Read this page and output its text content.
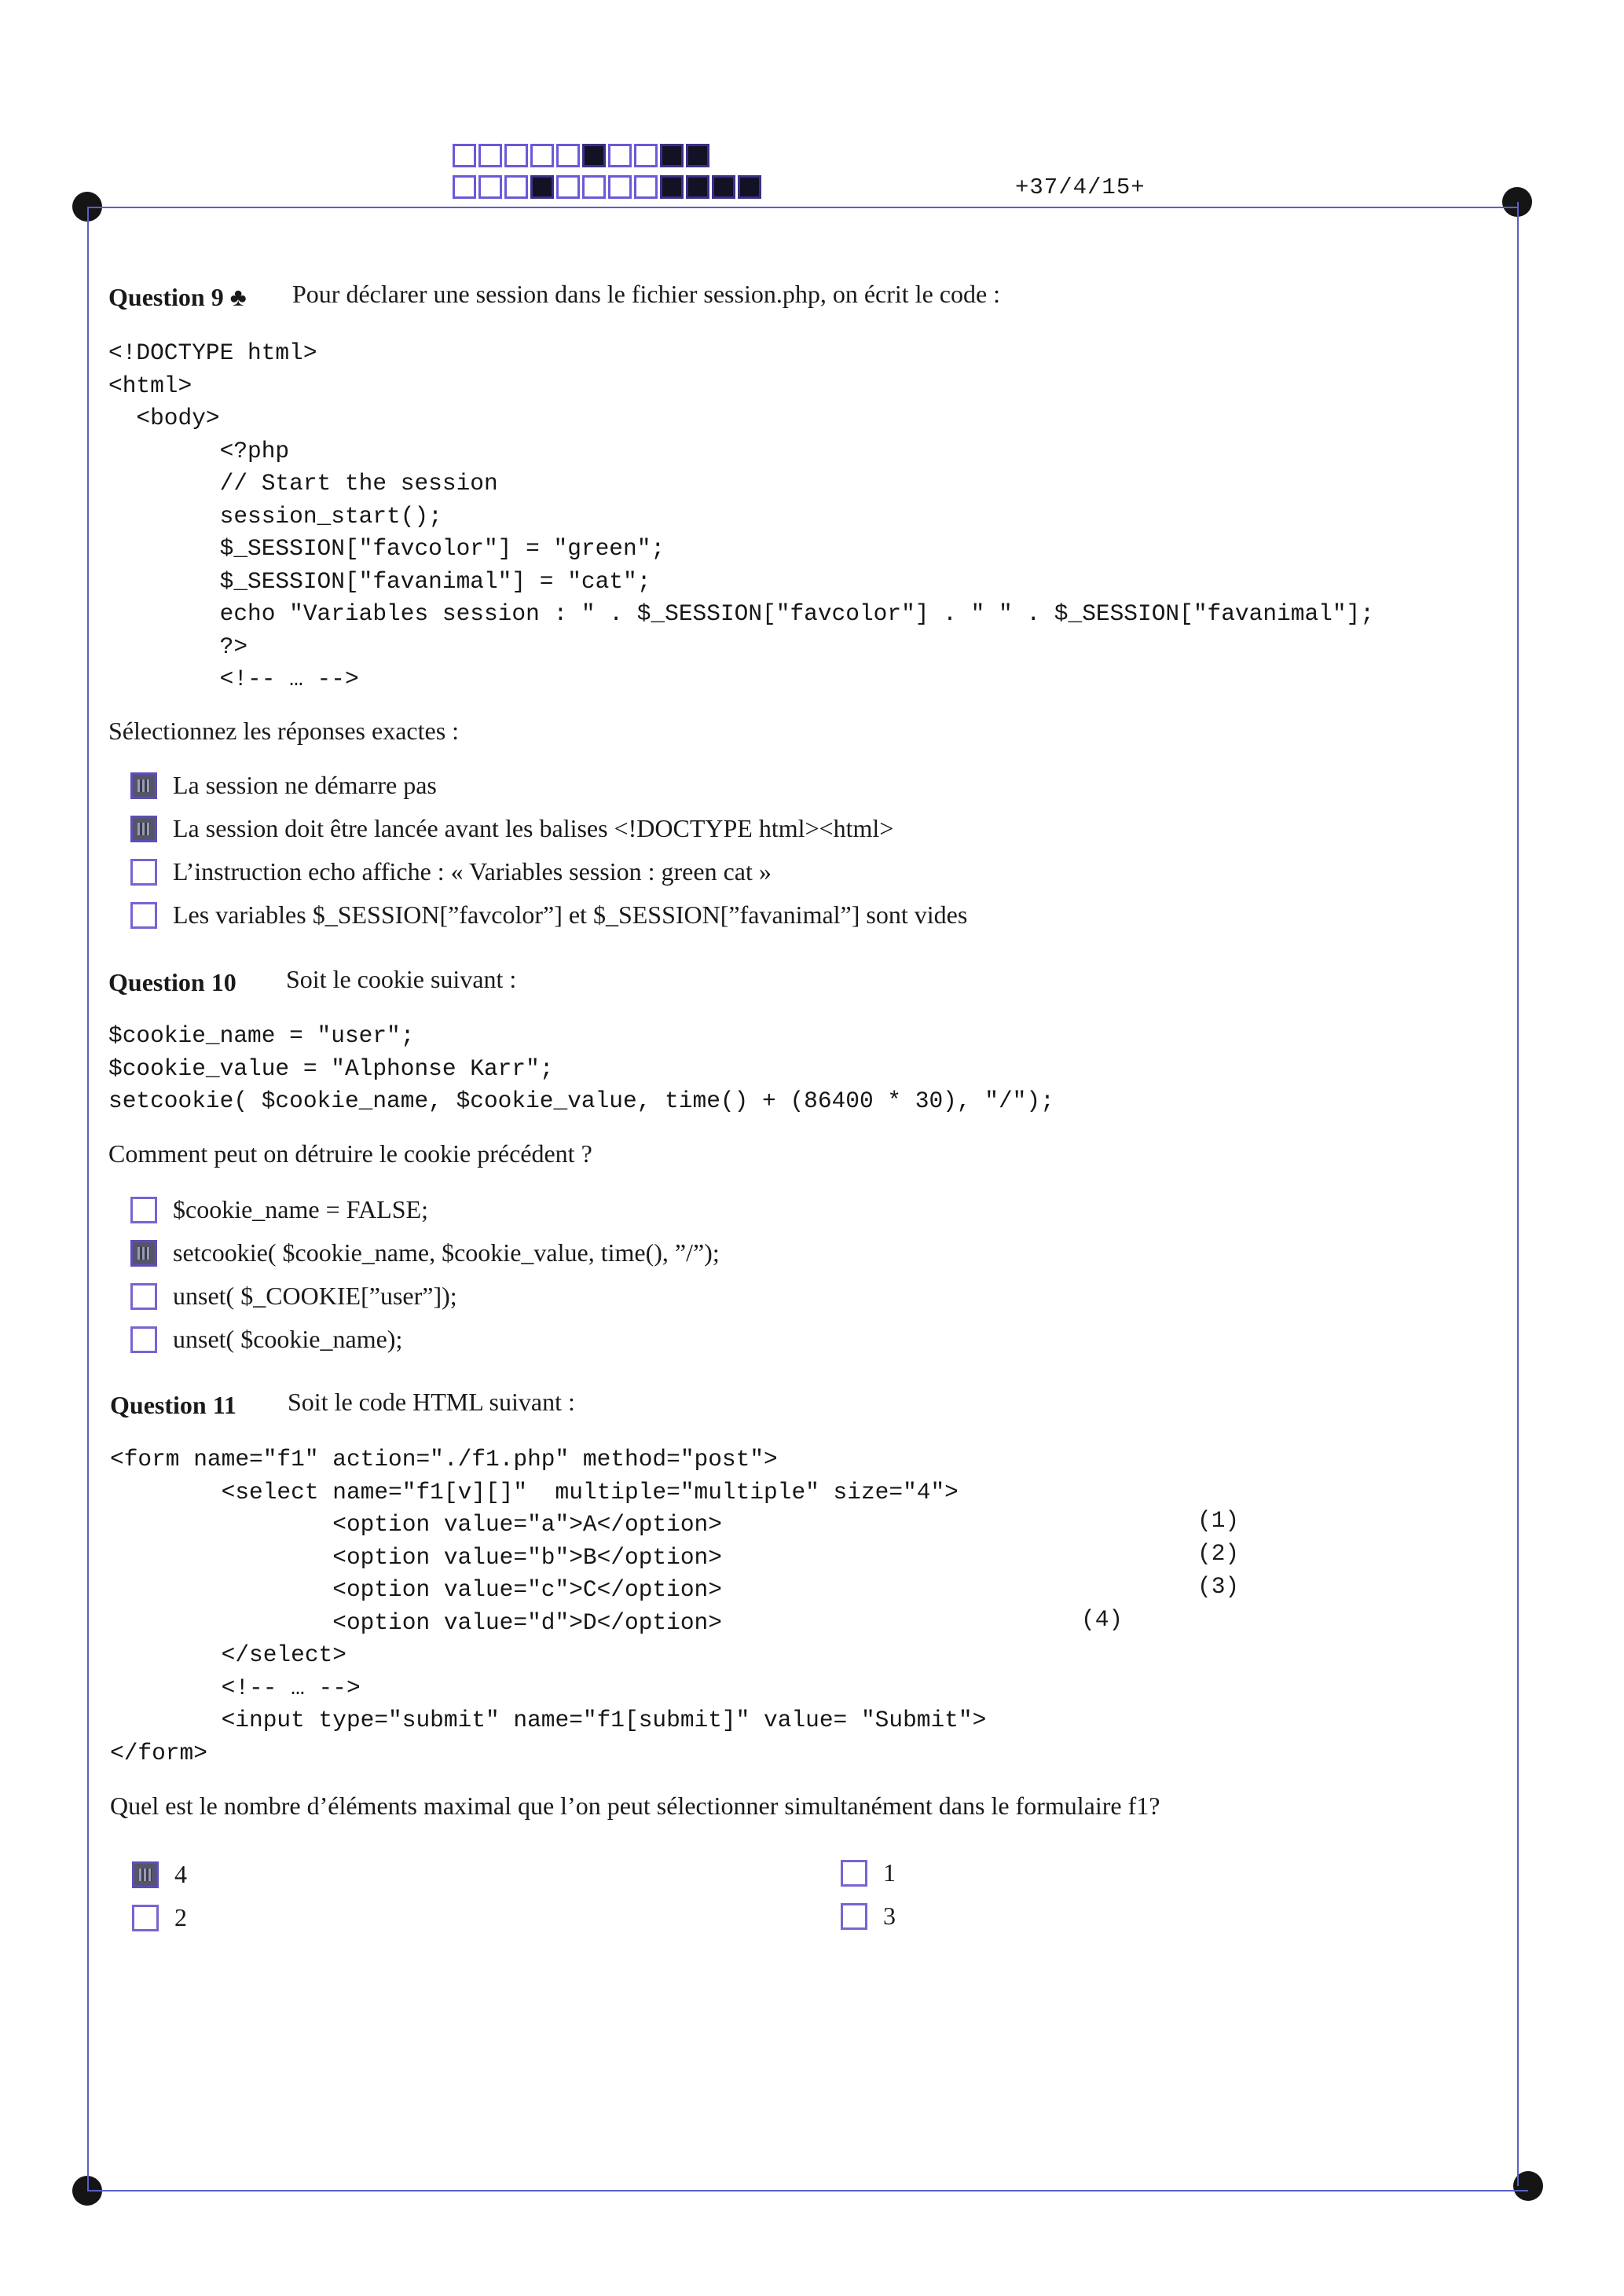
+37/4/15+
Question 9 ♣ Pour déclarer une session dans le fichier session.php, on écrit le code :
<!DOCTYPE html>
<html>
<body>
<?php
// Start the session
session_start();
$_SESSION["favcolor"] = "green";
$_SESSION["favanimal"] = "cat";
echo "Variables session : " . $_SESSION["favcolor"] . " " . $_SESSION["favanimal"];
?>
<!-- … -->
Sélectionnez les réponses exactes :
La session ne démarre pas
La session doit être lancée avant les balises <!DOCTYPE html><html>
L’instruction echo affiche : « Variables session : green cat »
Les variables $_SESSION[”favcolor”] et $_SESSION[”favanimal”] sont vides
Question 10 Soit le cookie suivant :
$cookie_name = "user";
$cookie_value = "Alphonse Karr";
setcookie( $cookie_name, $cookie_value, time() + (86400 * 30), "/");
Comment peut on détruire le cookie précédent ?
$cookie_name = FALSE;
setcookie( $cookie_name, $cookie_value, time(), ”/”);
unset( $_COOKIE[”user”]);
unset( $cookie_name);
Question 11 Soit le code HTML suivant :
<form name="f1" action="./f1.php" method="post">
<select name="f1[v][]"  multiple="multiple" size="4">
<option value="a">A</option>
<option value="b">B</option>
<option value="c">C</option>
<option value="d">D</option>
</select>
<!-- … -->
<input type="submit" name="f1[submit]" value= "Submit">
</form>
(1)
(2)
(3)
(4)
Quel est le nombre d’éléments maximal que l’on peut sélectionner simultanément dans le formulaire f1?
4
2
1
3
